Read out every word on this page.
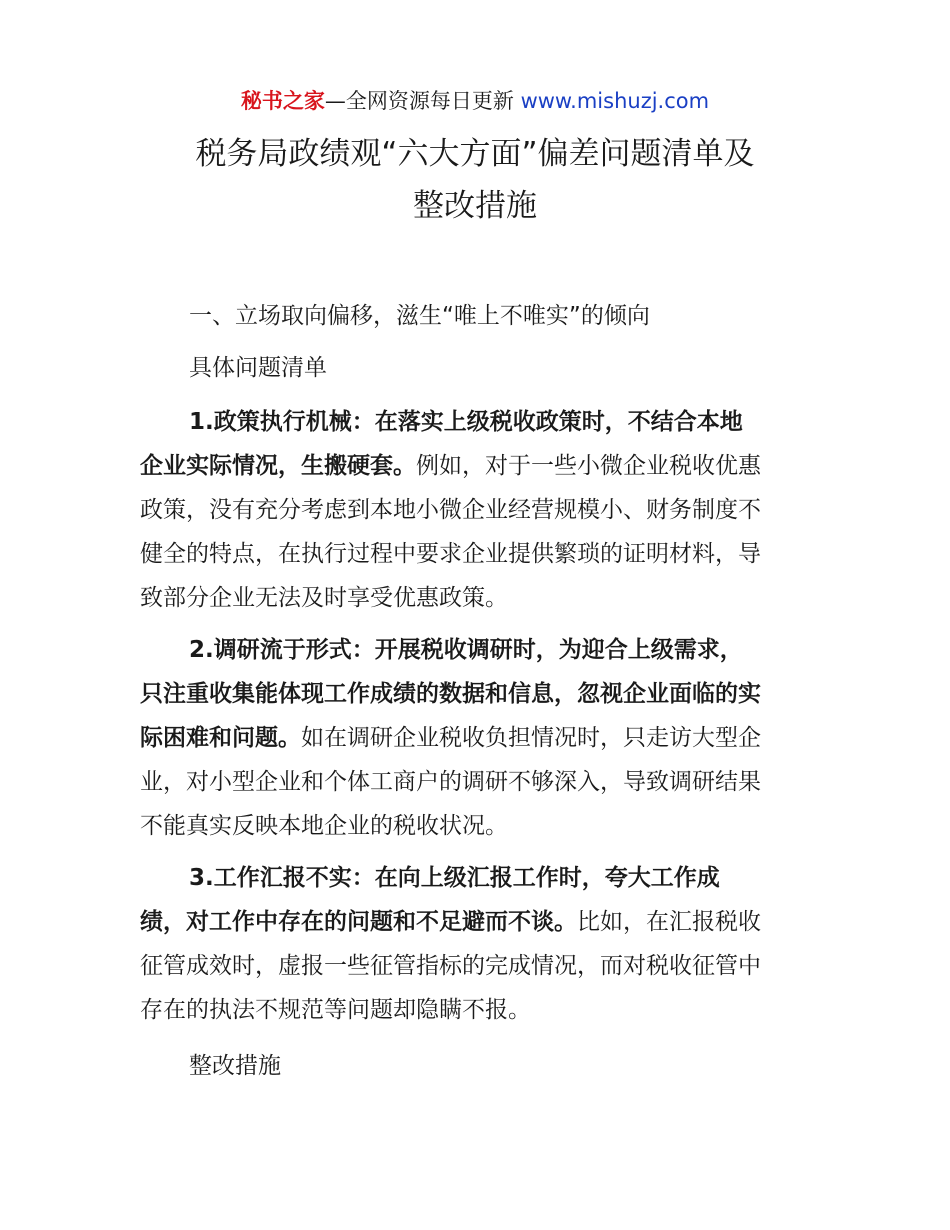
秘书之家—全网资源每日更新 www.mishuzj.com
税务局政绩观“六大方面”偏差问题清单及
整改措施
一、立场取向偏移，滋生“唯上不唯实”的倾向
具体问题清单
1.政策执行机械：在落实上级税收政策时，不结合本地
企业实际情况，生搬硬套。例如，对于一些小微企业税收优惠
政策，没有充分考虑到本地小微企业经营规模小、财务制度不
健全的特点，在执行过程中要求企业提供繁琐的证明材料，导
致部分企业无法及时享受优惠政策。
2.调研流于形式：开展税收调研时，为迎合上级需求，
只注重收集能体现工作成绩的数据和信息，忽视企业面临的实
际困难和问题。如在调研企业税收负担情况时，只走访大型企
业，对小型企业和个体工商户的调研不够深入，导致调研结果
不能真实反映本地企业的税收状况。
3.工作汇报不实：在向上级汇报工作时，夸大工作成
绩，对工作中存在的问题和不足避而不谈。比如，在汇报税收
征管成效时，虚报一些征管指标的完成情况，而对税收征管中
存在的执法不规范等问题却隐瞒不报。
整改措施
